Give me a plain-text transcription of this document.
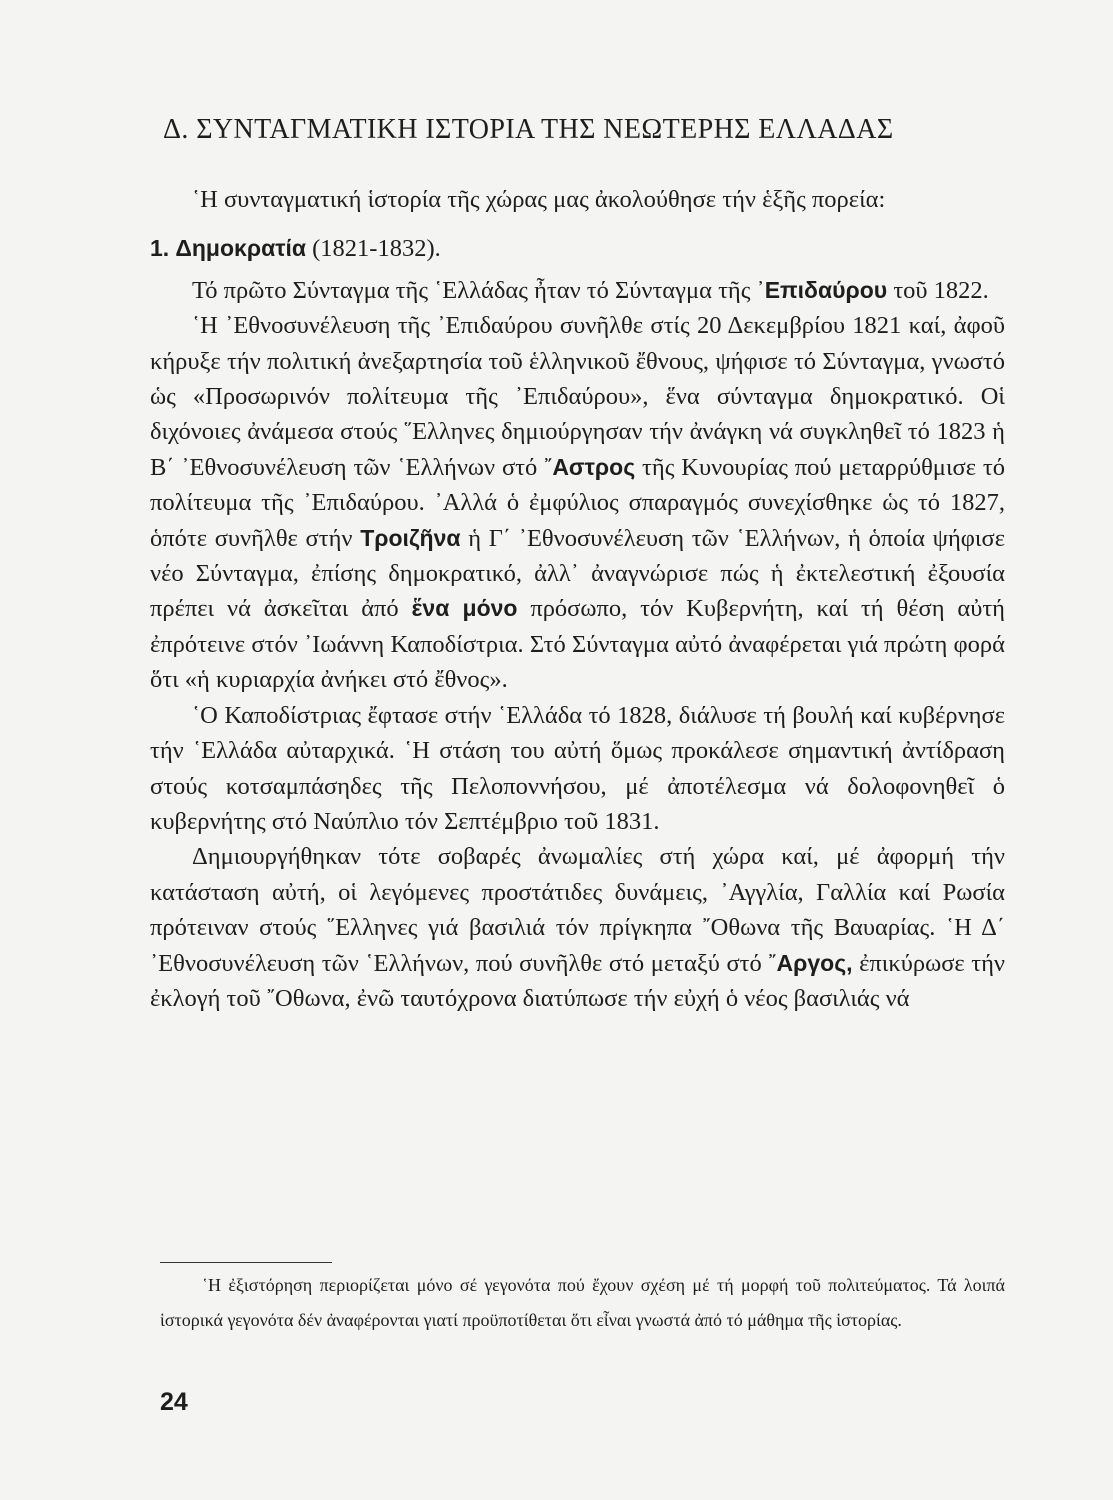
Δ. ΣΥΝΤΑΓΜΑΤΙΚΗ ΙΣΤΟΡΙΑ ΤΗΣ ΝΕΩΤΕΡΗΣ ΕΛΛΑΔΑΣ

῾Η συνταγματική ἱστορία τῆς χώρας μας ἀκολούθησε τήν ἑξῆς πορεία:

1. Δημοκρατία (1821-1832).

Τό πρῶτο Σύνταγμα τῆς ῾Ελλάδας ἦταν τό Σύνταγμα τῆς ᾿Επιδαύρου τοῦ 1822.

῾Η ᾿Εθνοσυνέλευση τῆς ᾿Επιδαύρου συνῆλθε στίς 20 Δεκεμβρίου 1821 καί, ἀφοῦ κήρυξε τήν πολιτική ἀνεξαρτησία τοῦ ἑλληνικοῦ ἔθνους, ψήφισε τό Σύνταγμα, γνωστό ὡς «Προσωρινόν πολίτευμα τῆς ᾿Επιδαύρου», ἕνα σύνταγμα δημοκρατικό. Οἱ διχόνοιες ἀνάμεσα στούς ῞Ελληνες δημιούργησαν τήν ἀνάγκη νά συγκληθεῖ τό 1823 ἡ Β΄ ᾿Εθνοσυνέλευση τῶν ῾Ελλήνων στό ῎Αστρος τῆς Κυνουρίας πού μεταρρύθμισε τό πολίτευμα τῆς ᾿Επιδαύρου. ᾿Αλλά ὁ ἐμφύλιος σπαραγμός συνεχίσθηκε ὡς τό 1827, ὁπότε συνῆλθε στήν Τροιζῆνα ἡ Γ΄ ᾿Εθνοσυνέλευση τῶν ῾Ελλήνων, ἡ ὁποία ψήφισε νέο Σύνταγμα, ἐπίσης δημοκρατικό, ἀλλ᾿ ἀναγνώρισε πώς ἡ ἐκτελεστική ἐξουσία πρέπει νά ἀσκεῖται ἀπό ἕνα μόνο πρόσωπο, τόν Κυβερνήτη, καί τή θέση αὐτή ἐπρότεινε στόν ᾿Ιωάννη Καποδίστρια. Στό Σύνταγμα αὐτό ἀναφέρεται γιά πρώτη φορά ὅτι «ἡ κυριαρχία ἀνήκει στό ἔθνος».

῾Ο Καποδίστριας ἔφτασε στήν ῾Ελλάδα τό 1828, διάλυσε τή βουλή καί κυβέρνησε τήν ῾Ελλάδα αὐταρχικά. ῾Η στάση του αὐτή ὅμως προκάλεσε σημαντική ἀντίδραση στούς κοτσαμπάσηδες τῆς Πελοποννήσου, μέ ἀποτέλεσμα νά δολοφονηθεῖ ὁ κυβερνήτης στό Ναύπλιο τόν Σεπτέμβριο τοῦ 1831.

Δημιουργήθηκαν τότε σοβαρές ἀνωμαλίες στή χώρα καί, μέ ἀφορμή τήν κατάσταση αὐτή, οἱ λεγόμενες προστάτιδες δυνάμεις, ᾿Αγγλία, Γαλλία καί Ρωσία πρότειναν στούς ῞Ελληνες γιά βασιλιά τόν πρίγκηπα ῎Οθωνα τῆς Βαυαρίας. ῾Η Δ΄ ᾿Εθνοσυνέλευση τῶν ῾Ελλήνων, πού συνῆλθε στό μεταξύ στό ῎Αργος, ἐπικύρωσε τήν ἐκλογή τοῦ ῎Οθωνα, ἐνῶ ταυτόχρονα διατύπωσε τήν εὐχή ὁ νέος βασιλιάς νά

῾Η ἐξιστόρηση περιορίζεται μόνο σέ γεγονότα πού ἔχουν σχέση μέ τή μορφή τοῦ πολιτεύματος. Τά λοιπά ἱστορικά γεγονότα δέν ἀναφέρονται γιατί προϋποτίθεται ὅτι εἶναι γνωστά ἀπό τό μάθημα τῆς ἱστορίας.
24
